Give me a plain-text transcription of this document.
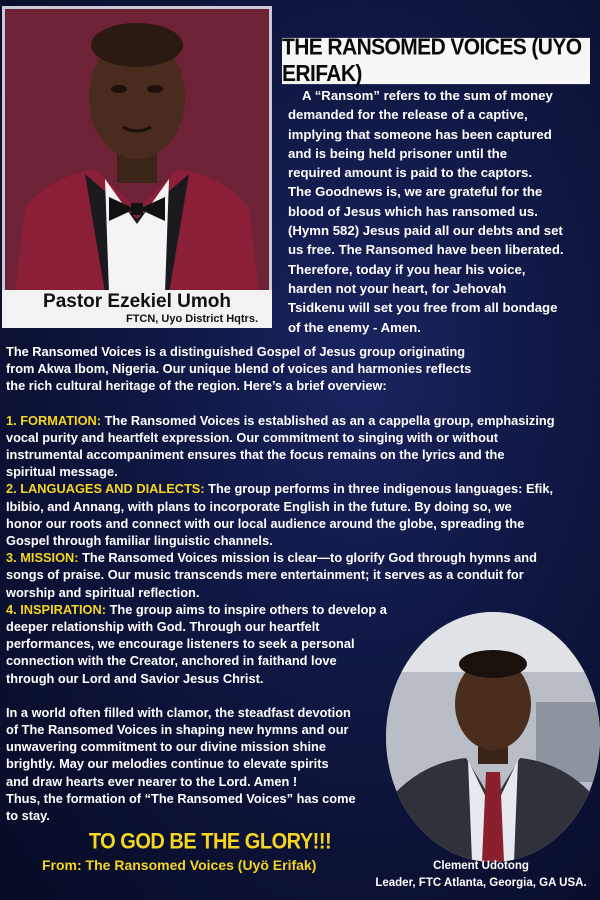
Pastor Ezekiel Umoh
FTCN, Uyo District Hqtrs.
THE RANSOMED VOICES (UYÖ ERIFAK)
A “Ransom” refers to the sum of money
demanded for the release of a captive,
implying that someone has been captured
and is being held prisoner until the
required amount is paid to the captors.
The Goodnews is, we are grateful for the
blood of Jesus which has ransomed us.
(Hymn 582) Jesus paid all our debts and set
us free. The Ransomed have been liberated.
Therefore, today if you hear his voice,
harden not your heart, for Jehovah
Tsidkenu will set you free from all bondage
of the enemy - Amen.

The Ransomed Voices is a distinguished Gospel of Jesus group originating

from Akwa Ibom, Nigeria. Our unique blend of voices and harmonies reflects

the rich cultural heritage of the region. Here’s a brief overview:

1. FORMATION: The Ransomed Voices is established as an a cappella group, emphasizing

vocal purity and heartfelt expression. Our commitment to singing with or without

instrumental accompaniment ensures that the focus remains on the lyrics and the

spiritual message.

2. LANGUAGES AND DIALECTS: The group performs in three indigenous languages: Efik,

Ibibio, and Annang, with plans to incorporate English in the future. By doing so, we

honor our roots and connect with our local audience around the globe, spreading the

Gospel through familiar linguistic channels.

3. MISSION: The Ransomed Voices mission is clear—to glorify God through hymns and

songs of praise. Our music transcends mere entertainment; it serves as a conduit for

worship and spiritual reflection.

4. INSPIRATION: The group aims to inspire others to develop a

deeper relationship with God. Through our heartfelt

performances, we encourage listeners to seek a personal

connection with the Creator, anchored in faithand love

through our Lord and Savior Jesus Christ.

In a world often filled with clamor, the steadfast devotion

of The Ransomed Voices in shaping new hymns and our

unwavering commitment to our divine mission shine

brightly. May our melodies continue to elevate spirits

and draw hearts ever nearer to the Lord. Amen !

Thus, the formation of “The Ransomed Voices” has come

to stay.

Clement Udotong
Leader, FTC Atlanta, Georgia, GA USA.
TO GOD BE THE GLORY!!!
From: The Ransomed Voices (Uyö Erifak)
